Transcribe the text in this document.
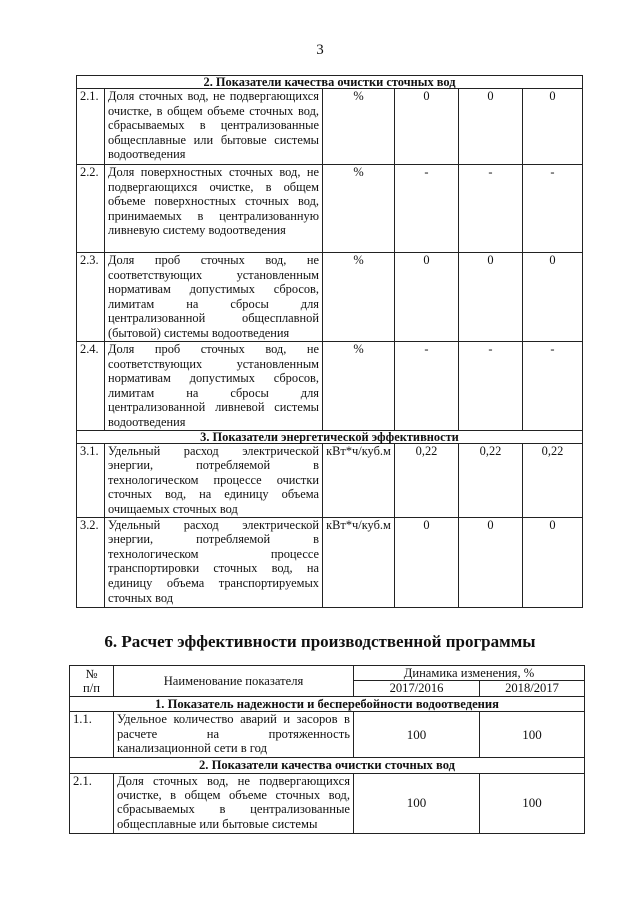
3
2. Показатели качества очистки сточных вод					
2.1.	Доля сточных вод, не подвергающихся очистке, в общем объеме сточных вод, сбрасываемых в централизованные общесплавные или бытовые системы водоотведения	%	0	0	0
2.2.	Доля поверхностных сточных вод, не подвергающихся очистке, в общем объеме поверхностных сточных вод, принимаемых в централизованную ливневую систему водоотведения	%	-	-	-
2.3.	Доля проб сточных вод, не соответствующих установленным нормативам допустимых сбросов, лимитам на сбросы для централизованной общесплавной (бытовой) системы водоотведения	%	0	0	0
2.4.	Доля проб сточных вод, не соответствующих установленным нормативам допустимых сбросов, лимитам на сбросы для централизованной ливневой системы водоотведения	%	-	-	-
3. Показатели энергетической эффективности					
3.1.	Удельный расход электрической энергии, потребляемой в технологическом процессе очистки сточных вод, на единицу объема очищаемых сточных вод	кВт*ч/куб.м	0,22	0,22	0,22
3.2.	Удельный расход электрической энергии, потребляемой в технологическом процессе транспортировки сточных вод, на единицу объема транспортируемых сточных вод	кВт*ч/куб.м	0	0	0
6. Расчет эффективности производственной программы
№
п/п	Наименование показателя	Динамика изменения, %	
		2017/2016	2018/2017
1. Показатель надежности и бесперебойности водоотведения			
1.1.	Удельное количество аварий и засоров в расчете на протяженность канализационной сети в год	100	100
2. Показатели качества очистки сточных вод			
2.1.	Доля сточных вод, не подвергающихся очистке, в общем объеме сточных вод, сбрасываемых в централизованные общесплавные или бытовые системы	100	100
